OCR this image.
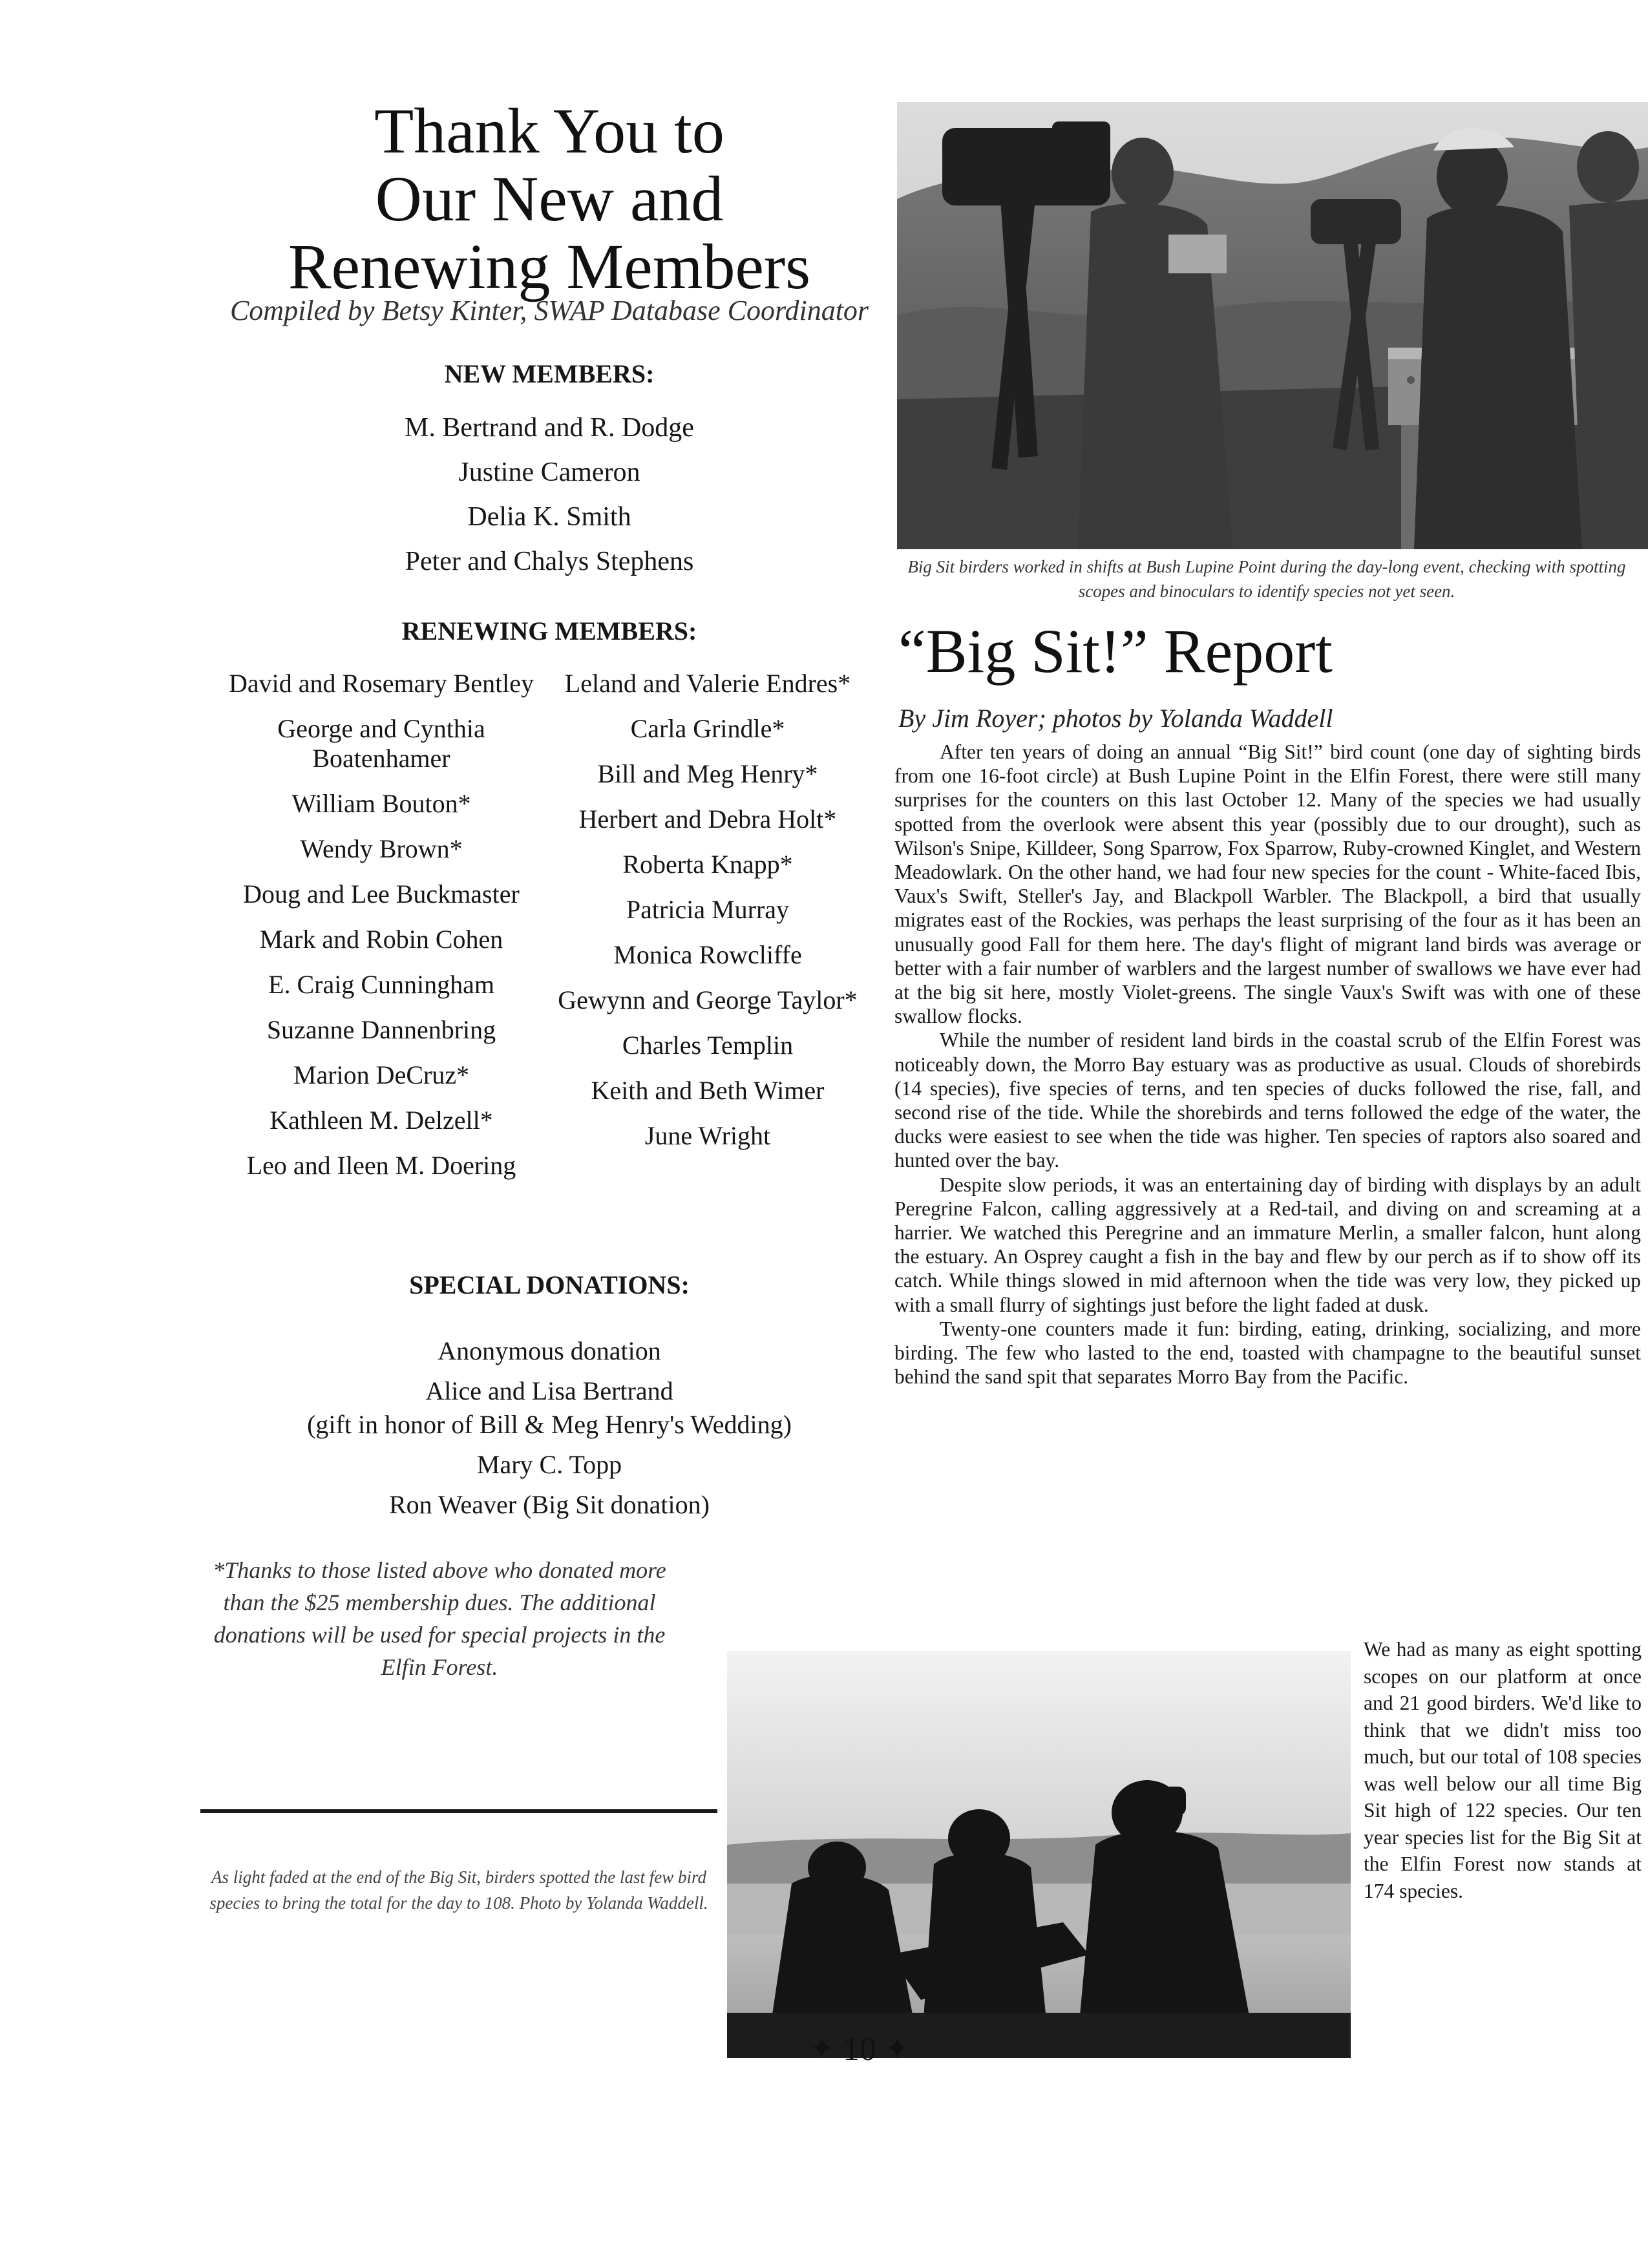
Thank You to
Our New and
Renewing Members
Compiled by Betsy Kinter, SWAP Database Coordinator
NEW MEMBERS:
M. Bertrand and R. Dodge
Justine Cameron
Delia K. Smith
Peter and Chalys Stephens
RENEWING MEMBERS:
David and Rosemary Bentley
George and Cynthia Boatenhamer
William Bouton*
Wendy Brown*
Doug and Lee Buckmaster
Mark and Robin Cohen
E. Craig Cunningham
Suzanne Dannenbring
Marion DeCruz*
Kathleen M. Delzell*
Leo and Ileen M. Doering
Leland and Valerie Endres*
Carla Grindle*
Bill and Meg Henry*
Herbert and Debra Holt*
Roberta Knapp*
Patricia Murray
Monica Rowcliffe
Gewynn and George Taylor*
Charles Templin
Keith and Beth Wimer
June Wright
SPECIAL DONATIONS:
Anonymous donation
Alice and Lisa Bertrand
(gift in honor of Bill & Meg Henry's Wedding)
Mary C. Topp
Ron Weaver (Big Sit donation)
*Thanks to those listed above who donated more than the $25 membership dues. The additional donations will be used for special projects in the Elfin Forest.
As light faded at the end of the Big Sit, birders spotted the last few bird species to bring the total for the day to 108. Photo by Yolanda Waddell.
Big Sit birders worked in shifts at Bush Lupine Point during the day-long event, checking with spotting scopes and binoculars to identify species not yet seen.
“Big Sit!” Report
By Jim Royer; photos by Yolanda Waddell

After ten years of doing an annual “Big Sit!” bird count (one day of sighting birds from one 16-foot circle) at Bush Lupine Point in the Elfin Forest, there were still many surprises for the counters on this last October 12. Many of the species we had usually spotted from the overlook were absent this year (possibly due to our drought), such as Wilson's Snipe, Killdeer, Song Sparrow, Fox Sparrow, Ruby-crowned Kinglet, and Western Meadowlark. On the other hand, we had four new species for the count - White-faced Ibis, Vaux's Swift, Steller's Jay, and Blackpoll Warbler. The Blackpoll, a bird that usually migrates east of the Rockies, was perhaps the least surprising of the four as it has been an unusually good Fall for them here. The day's flight of migrant land birds was average or better with a fair number of warblers and the largest number of swallows we have ever had at the big sit here, mostly Violet-greens. The single Vaux's Swift was with one of these swallow flocks.

While the number of resident land birds in the coastal scrub of the Elfin Forest was noticeably down, the Morro Bay estuary was as productive as usual. Clouds of shorebirds (14 species), five species of terns, and ten species of ducks followed the rise, fall, and second rise of the tide. While the shorebirds and terns followed the edge of the water, the ducks were easiest to see when the tide was higher. Ten species of raptors also soared and hunted over the bay.

Despite slow periods, it was an entertaining day of birding with displays by an adult Peregrine Falcon, calling aggressively at a Red-tail, and diving on and screaming at a harrier. We watched this Peregrine and an immature Merlin, a smaller falcon, hunt along the estuary. An Osprey caught a fish in the bay and flew by our perch as if to show off its catch. While things slowed in mid afternoon when the tide was very low, they picked up with a small flurry of sightings just before the light faded at dusk.

Twenty-one counters made it fun: birding, eating, drinking, socializing, and more birding. The few who lasted to the end, toasted with champagne to the beautiful sunset behind the sand spit that separates Morro Bay from the Pacific.

We had as many as eight spotting scopes on our platform at once and 21 good birders. We'd like to think that we didn't miss too much, but our total of 108 species was well below our all time Big Sit high of 122 species. Our ten year species list for the Big Sit at the Elfin Forest now stands at 174 species.

✦ 10 ✦
